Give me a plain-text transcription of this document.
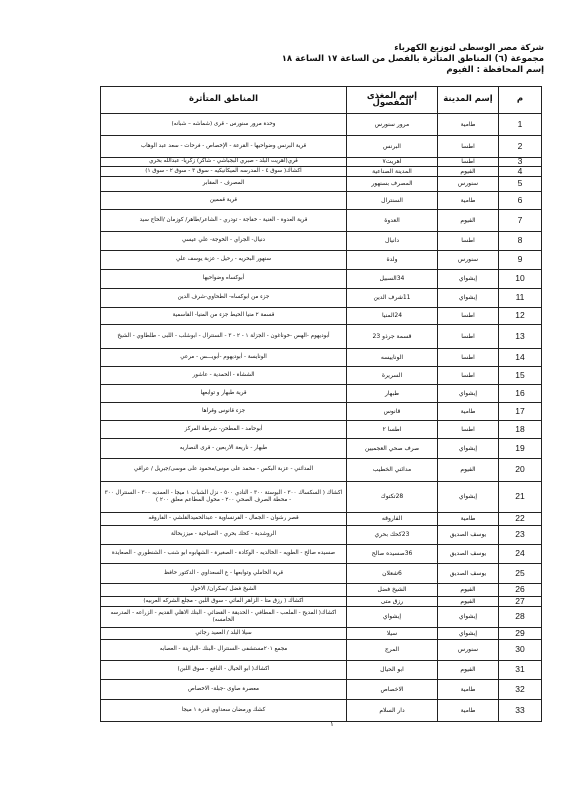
شركة مصر الوسطى لتوزيع الكهرباء
مجموعة (٦) المناطق المتأثرة بالفصل من الساعة ١٧ الساعة ١٨
إسم المحافظة : الفيوم
م	إسم المدينة	إسم المغذى المفصول	المناطق المتأثرة
1	طامية	مرور سنورس	وحدة مرور سنورس - قرى (شماشه – شبانه)
2	اطسا	البرنس	قرية البرنس وضواحيها - القرعة - الإخصاص - فرحات - سعد عبد الوهاب
3	اطسا	اهريت٧	قري(اهريت البلد - صبري البجباشي - شاكر) زكريا- عبدالله بحري
4	الفيوم	المدينة الصناعية	اكشاك( سوق ٤ - المدرسه الميكانيكيه - سوق ٣ - سوق ٢ - سوق ١)
5	سنورس	المصرف بسنهور	المصرف - المقابر
6	طامية	السنترال	قرية قممين
7	الفيوم	العدوة	قرية العدوة - الغنية - خفاجة - تودري - الشاعر/طاهر/ كوزمان /الحاج سيد
8	اطسا	دانيال	دنيال- الجراي - الخوجة- علي عيسي
9	سنورس	ولدة	سنهور البحريه - رحيل - عزبة يوسف علي
10	إبشواي	34السبيل	أبوكساه وضواحيها
11	إبشواي	11شرف الدين	جزء من ابوكساه- الطحاوي-شرف الدين
12	اطسا	24المنيا	قسمة ٢ منيا الحيط جزء من المنيا- القاسمية
13	اطسا	قسمة جرذو 23	أبوديهوم -الهس -خوناغون - الجزلة ١ - ٢ - ٣ - السنترال - ابوشلب - اللبى - طلطاوي - الشيخ
14	اطسا	الوناييسه	الونايسة - أبوديهوم -أبويـــس - مرعي
15	اطسا	السريرة	الششاة - الحمدية - عاشور
16	إبشواي	طبهار	قرية طبهار و توابعها
17	طامية	قانوس	جزء قانوس وقراها
18	اطسا	اطسا ٢	أبوحامد - المطحن- شرطة المركز
19	إبشواي	صرف صحي العجميين	طبهار - ناريعة الاربعين - قرى النصاريه
20	الفيوم	مدائني الخطيب	المدائني - عزبة البكس - محمد على موس/محمود على موسى/جبريل / عراقي
21	إبشواي	28تكتوك	اكشاك ( السكساك ٣٠٠ - البوستة ٣٠٠ - النادي ٥٠٠ - نزل الشباب ١ ميجا - العمديه ٣٠٠ - السنترال ٣٠٠ - محطة الصرف الصحي ٢٠٠ - محول المطاعم معلق ٢٠٠ )
22	طامية	الفاروقه	قصر رشوان - الجمال - الفرنساوية - عبدالحميدالقلشي - الفاروقه
23	يوسف الصديق	23كحك بحري	الروشدية - كحك بحري - الصياحية - ميززبحالة
24	يوسف الصديق	36صسيده صالح	صسيده صالح - الطويه - الخالديه - الوكادة - الصغيرة - الشهابوه ابو شنب - الشنطوري - الصعايدة
25	يوسف الصديق	6شعلان	قرية الحاملي وتوابعها - ع السعداوي - الدكتور حافظ
26	الفيوم	الشيخ فضل	الشيخ فضل /سكران/ الاحول
27	الفيوم	رزق متى	اكشاك ( رزق متا - الزاهر المائي - سوق اللبن - مجلع الشركه العربيه)
28	إبشواي	إبشواي	اكشاك( المديح - الملعب - المطافي - الحديقة - القضائي - البنك الاهلي القديم - الزراعه - المدرسه الخامسه)
29	إبشواي	سيلا	سيلا البلد / العميد رجائي
30	سنورس	المرج	مجمع ٢٠١مستشفى -السنترال -البنك -البلزينة - العصابه
31	الفيوم	ابو الحيال	اكشاك( ابو الحيال - النافع - سوق اللبن)
32	طامية	الاخصاص	معصرة صاوى -جبلة- الاخصاص
33	طامية	دار السلام	كشك ورمضان سعداوي قدرة ١ ميجا
١
